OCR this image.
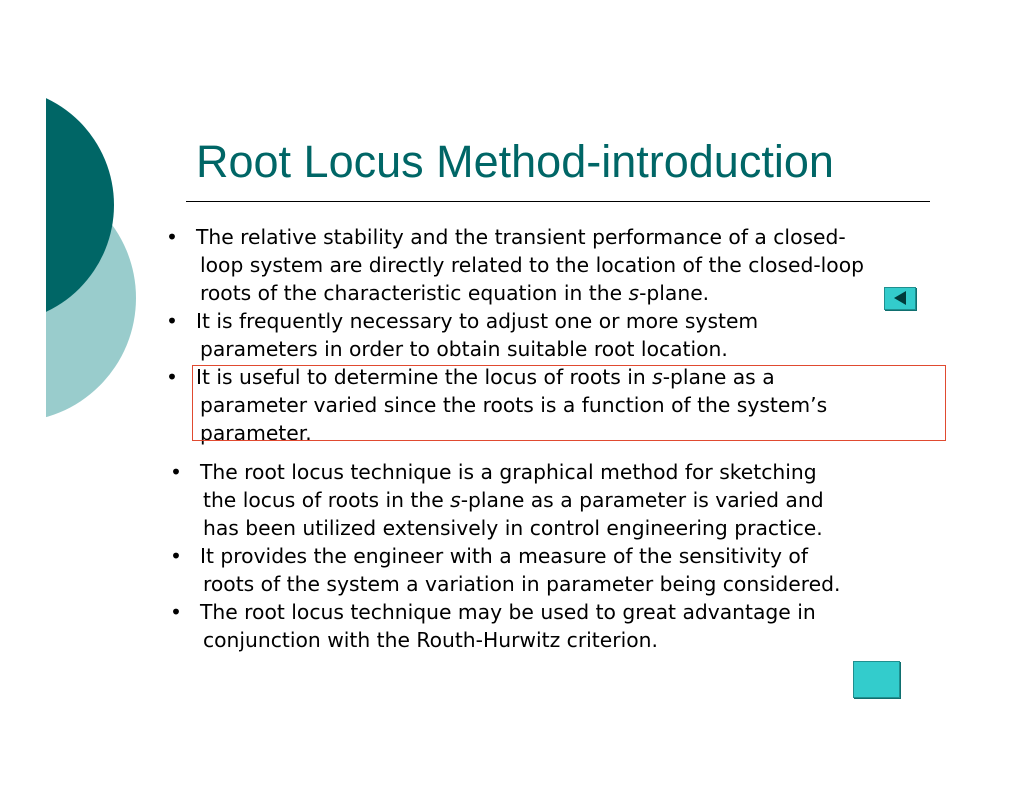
Root Locus Method-introduction
• The relative stability and the transient performance of a closed-
loop system are directly related to the location of the closed-loop
roots of the characteristic equation in the s-plane.
• It is frequently necessary to adjust one or more system
parameters in order to obtain suitable root location.
• It is useful to determine the locus of roots in s-plane as a
parameter varied since the roots is a function of the system’s
parameter.
• The root locus technique is a graphical method for sketching
the locus of roots in the s-plane as a parameter is varied and
has been utilized extensively in control engineering practice.
• It provides the engineer with a measure of the sensitivity of
roots of the system a variation in parameter being considered.
• The root locus technique may be used to great advantage in
conjunction with the Routh-Hurwitz criterion.
